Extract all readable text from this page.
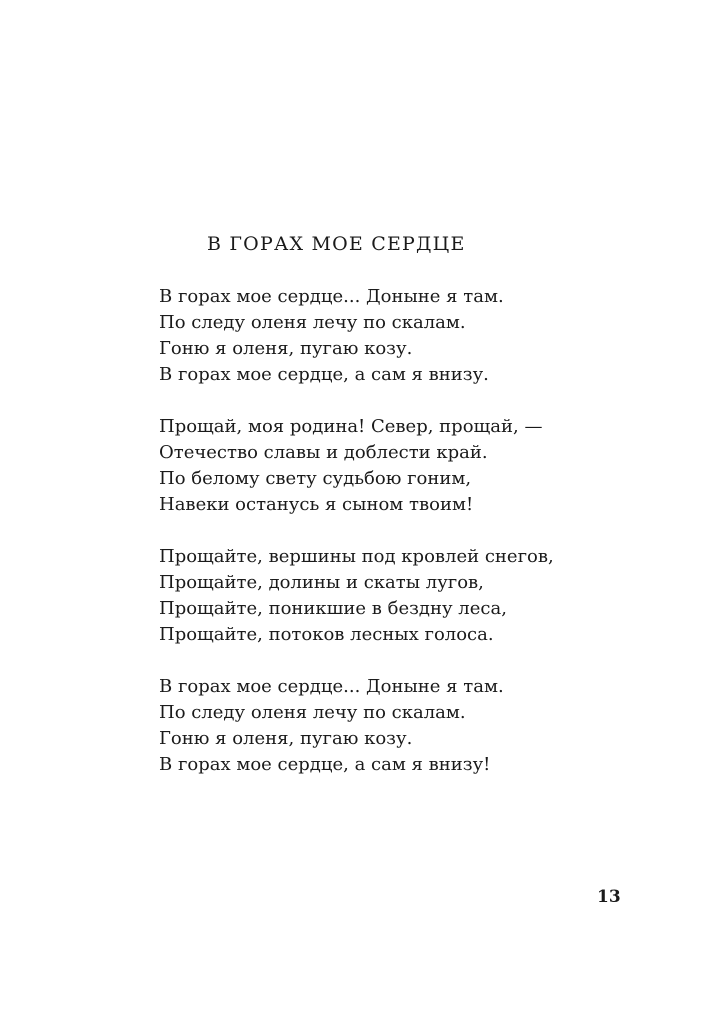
В ГОРАХ МОЕ СЕРДЦЕ
В горах мое сердце... Доныне я там.
По следу оленя лечу по скалам.
Гоню я оленя, пугаю козу.
В горах мое сердце, а сам я внизу.
Прощай, моя родина! Север, прощай, —
Отечество славы и доблести край.
По белому свету судьбою гоним,
Навеки останусь я сыном твоим!
Прощайте, вершины под кровлей снегов,
Прощайте, долины и скаты лугов,
Прощайте, поникшие в бездну леса,
Прощайте, потоков лесных голоса.
В горах мое сердце... Доныне я там.
По следу оленя лечу по скалам.
Гоню я оленя, пугаю козу.
В горах мое сердце, а сам я внизу!
13
